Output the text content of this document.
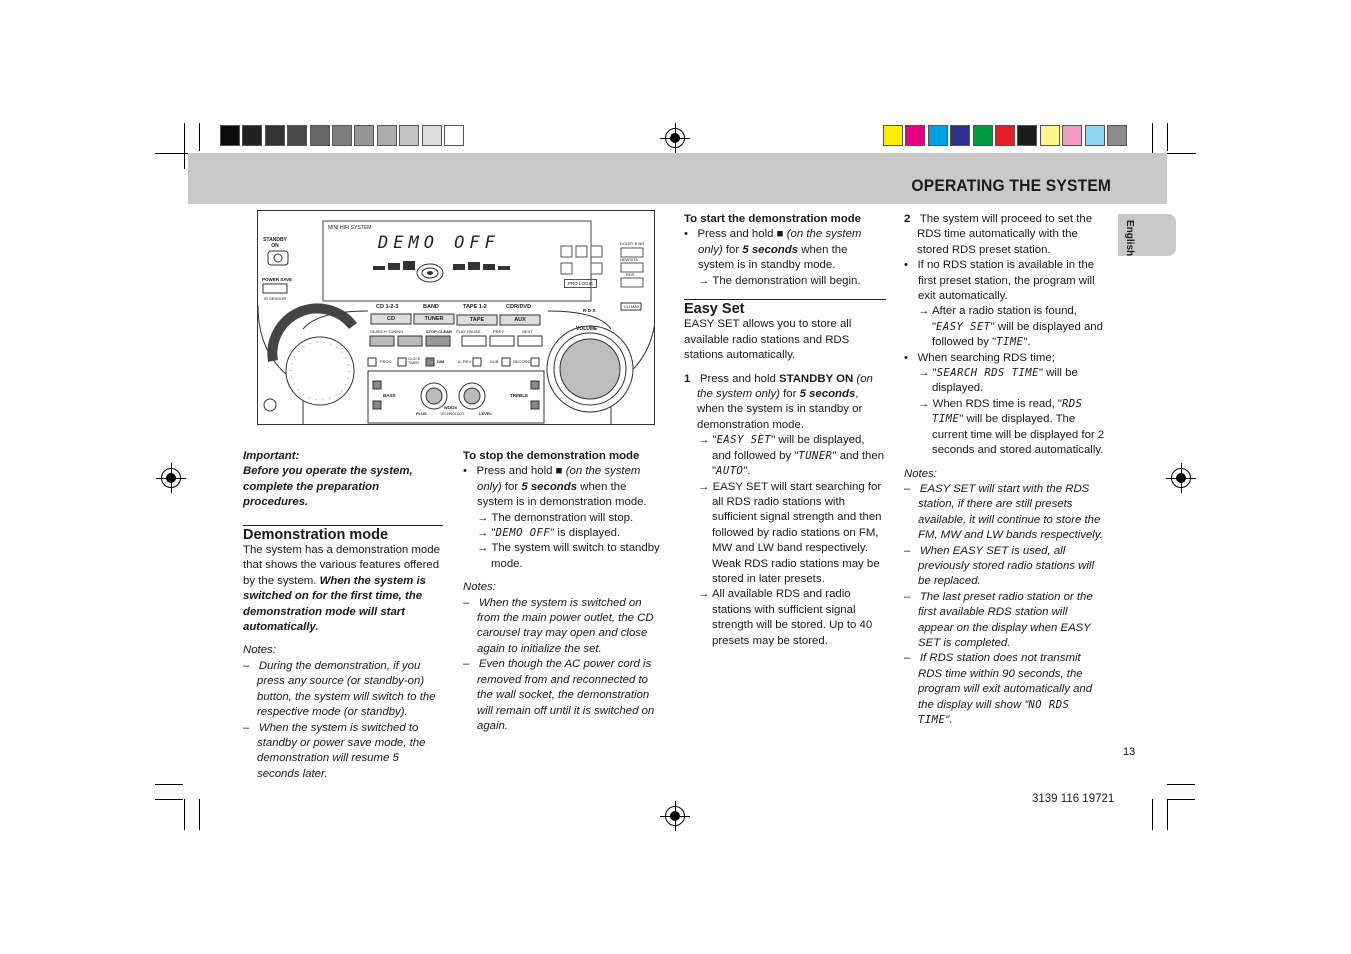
OPERATING THE SYSTEM
English
MINI HIFI SYSTEM
DEMO OFF
STANDBY ON
POWER SAVE
IR SENSOR
PRO LOGIC
R·D·S
DOLBY B NR
NEWS/TA
RDS
CD MAX
CD 1-2-3	BAND	TAPE 1-2	CDR/DVD
CD	TUNER	TAPE	AUX
SEARCH·TUNING	STOP·CLEAR PLAY PAUSE	PREV	NEXT
PROG	CLOCK TIMER	DIM	A. REV	DUB	RECORD
VOLUME
BASS	TREBLE
PLUS
wOOx
TECHNOLOGY	LEVEL

Important:

Before you operate the system, complete the preparation procedures.

Demonstration mode

The system has a demonstration mode that shows the various features offered by the system. When the system is switched on for the first time, the demonstration mode will start automatically.

Notes:

–   During the demonstration, if you press any source (or standby-on) button, the system will switch to the respective mode (or standby).

–   When the system is switched to standby or power save mode, the demonstration will resume 5 seconds later.

To stop the demonstration mode

•   Press and hold ■ (on the system only) for 5 seconds when the system is in demonstration mode.

→ The demonstration will stop.

→ "DEMO OFF" is displayed.

→ The system will switch to standby mode.

Notes:

–   When the system is switched on from the main power outlet, the CD carousel tray may open and close again to initialize the set.

–   Even though the AC power cord is removed from and reconnected to the wall socket, the demonstration will remain off until it is switched on again.

To start the demonstration mode

•   Press and hold ■ (on the system only) for 5 seconds when the system is in standby mode.

→ The demonstration will begin.

Easy Set

EASY SET allows you to store all available radio stations and RDS stations automatically.

1 Press and hold STANDBY ON (on the system only) for 5 seconds, when the system is in standby or demonstration mode.

→ "EASY SET" will be displayed, and followed by "TUNER" and then "AUTO".

→ EASY SET will start searching for all RDS radio stations with sufficient signal strength and then followed by radio stations on FM, MW and LW band respectively. Weak RDS radio stations may be stored in later presets.

→ All available RDS and radio stations with sufficient signal strength will be stored. Up to 40 presets may be stored.

2 The system will proceed to set the RDS time automatically with the stored RDS preset station.

•   If no RDS station is available in the first preset station, the program will exit automatically.

→ After a radio station is found, "EASY SET" will be displayed and followed by "TIME".

•   When searching RDS time;

→ "SEARCH RDS TIME" will be displayed.

→ When RDS time is read, "RDS TIME" will be displayed. The current time will be displayed for 2 seconds and stored automatically.

Notes:

–   EASY SET will start with the RDS station, if there are still presets available, it will continue to store the FM, MW and LW bands respectively.

–   When EASY SET is used, all previously stored radio stations will be replaced.

–   The last preset radio station or the first available RDS station will appear on the display when EASY SET is completed.

–   If RDS station does not transmit RDS time within 90 seconds, the program will exit automatically and the display will show "NO RDS TIME".

13
3139 116 19721
